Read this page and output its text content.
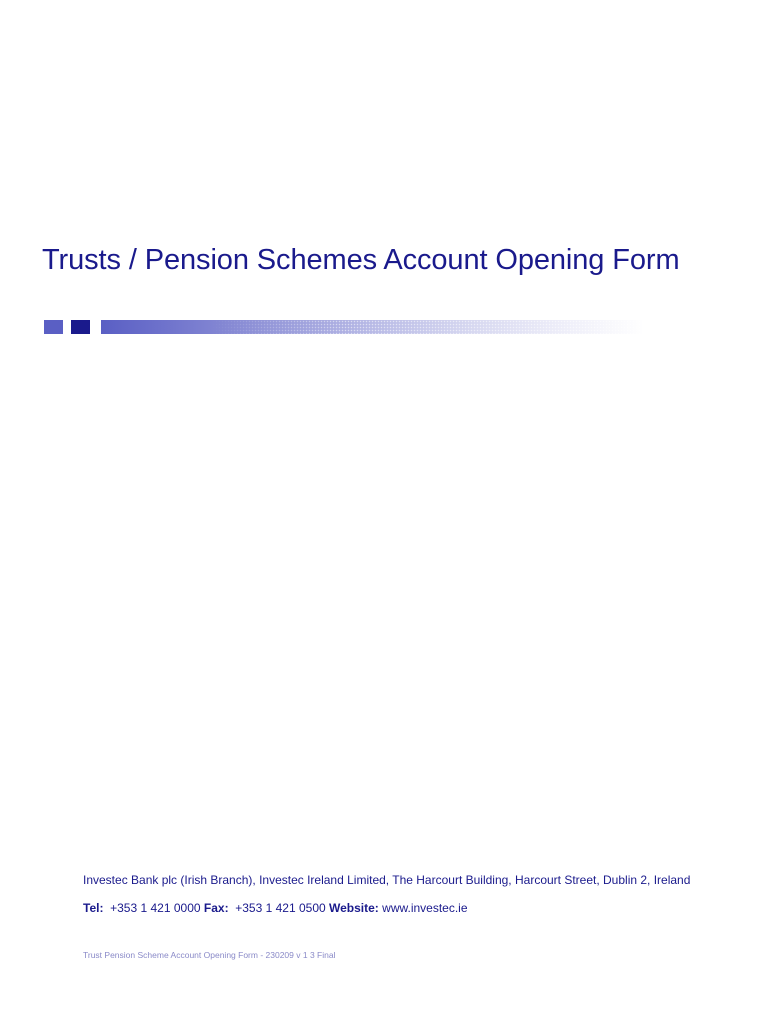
Trusts / Pension Schemes Account Opening Form

Investec Bank plc (Irish Branch), Investec Ireland Limited, The Harcourt Building, Harcourt Street, Dublin 2, Ireland

Tel: +353 1 421 0000 Fax: +353 1 421 0500 Website: www.investec.ie

Trust Pension Scheme Account Opening Form - 230209 v 1 3 Final
